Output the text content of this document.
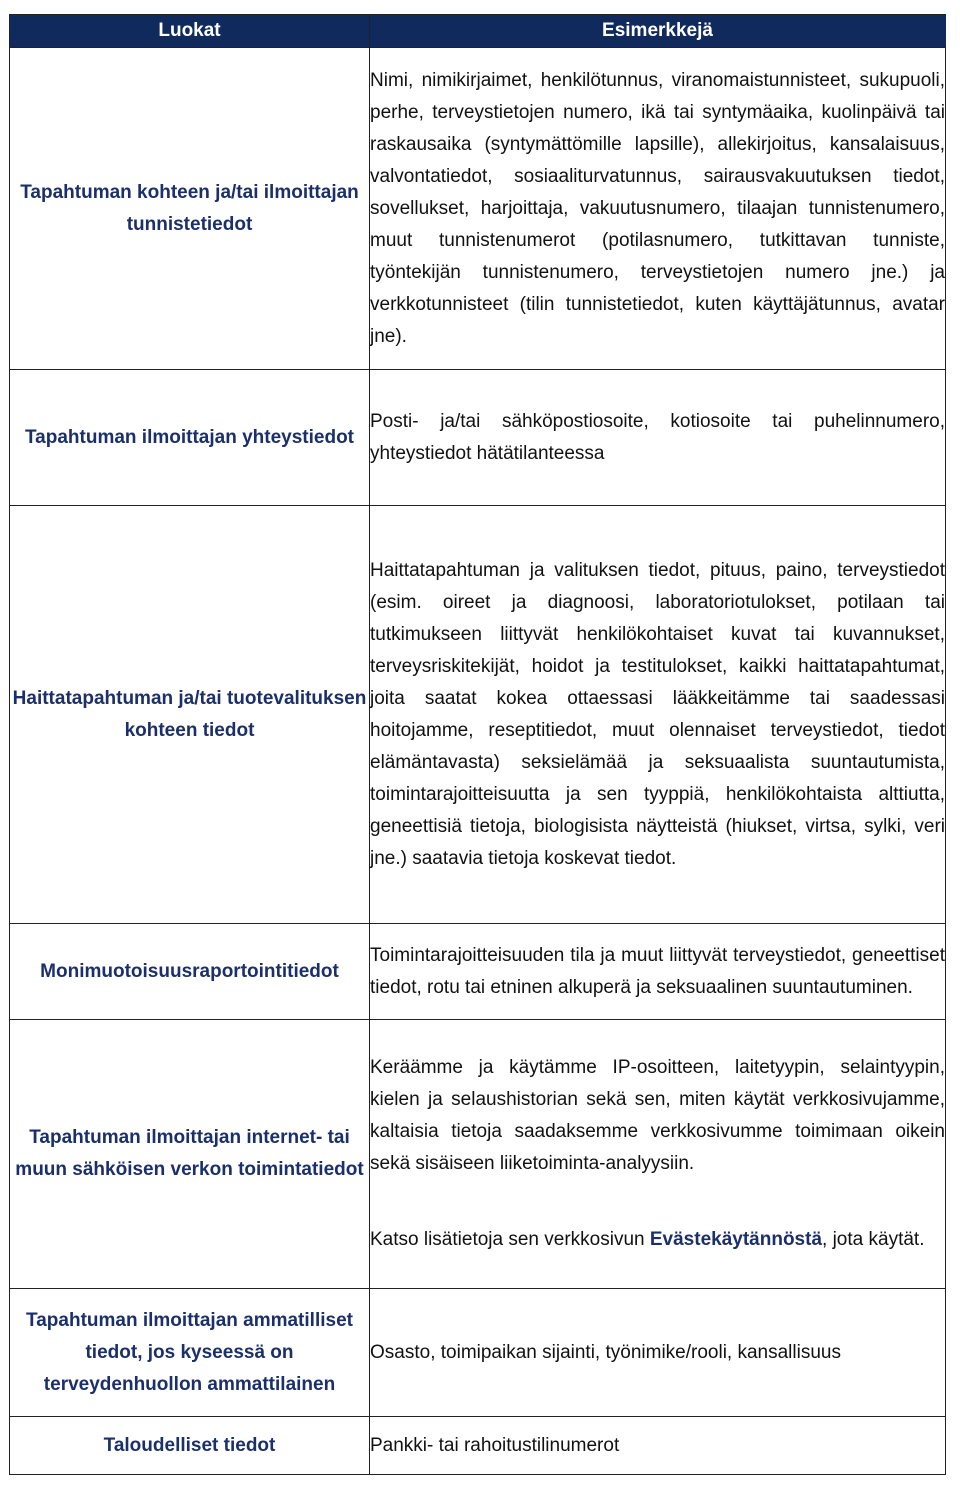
Luokat	Esimerkkejä
Tapahtuman kohteen ja/tai ilmoittajan tunnistetiedot	Nimi, nimikirjaimet, henkilötunnus, viranomaistunnisteet, sukupuoli, perhe, terveystietojen numero, ikä tai syntymäaika, kuolinpäivä tai raskausaika (syntymättömille lapsille), allekirjoitus, kansalaisuus, valvontatiedot, sosiaaliturvatunnus, sairausvakuutuksen tiedot, sovellukset, harjoittaja, vakuutusnumero, tilaajan tunnistenumero, muut tunnistenumerot (potilasnumero, tutkittavan tunniste, työntekijän tunnistenumero, terveystietojen numero jne.) ja verkkotunnisteet (tilin tunnistetiedot, kuten käyttäjätunnus, avatar jne).
Tapahtuman ilmoittajan yhteystiedot	Posti- ja/tai sähköpostiosoite, kotiosoite tai puhelinnumero, yhteystiedot hätätilanteessa
Haittatapahtuman ja/tai tuotevalituksen kohteen tiedot	Haittatapahtuman ja valituksen tiedot, pituus, paino, terveystiedot (esim. oireet ja diagnoosi, laboratoriotulokset, potilaan tai tutkimukseen liittyvät henkilökohtaiset kuvat tai kuvannukset, terveysriskitekijät, hoidot ja testitulokset, kaikki haittatapahtumat, joita saatat kokea ottaessasi lääkkeitämme tai saadessasi hoitojamme, reseptitiedot, muut olennaiset terveystiedot, tiedot elämäntavasta) seksielämää ja seksuaalista suuntautumista, toimintarajoitteisuutta ja sen tyyppiä, henkilökohtaista alttiutta, geneettisiä tietoja, biologisista näytteistä (hiukset, virtsa, sylki, veri jne.) saatavia tietoja koskevat tiedot.
Monimuotoisuusraportointitiedot	Toimintarajoitteisuuden tila ja muut liittyvät terveystiedot, geneettiset tiedot, rotu tai etninen alkuperä ja seksuaalinen suuntautuminen.
Tapahtuman ilmoittajan internet- tai muun sähköisen verkon toimintatiedot	Keräämme ja käytämme IP-osoitteen, laitetyypin, selaintyypin, kielen ja selaushistorian sekä sen, miten käytät verkkosivujamme, kaltaisia tietoja saadaksemme verkkosivumme toimimaan oikein sekä sisäiseen liiketoiminta-analyysiin.

Katso lisätietoja sen verkkosivun Evästekäytännöstä, jota käytät.

Tapahtuman ilmoittajan ammatilliset tiedot, jos kyseessä on terveydenhuollon ammattilainen	Osasto, toimipaikan sijainti, työnimike/rooli, kansallisuus
Taloudelliset tiedot	Pankki- tai rahoitustilinumerot
